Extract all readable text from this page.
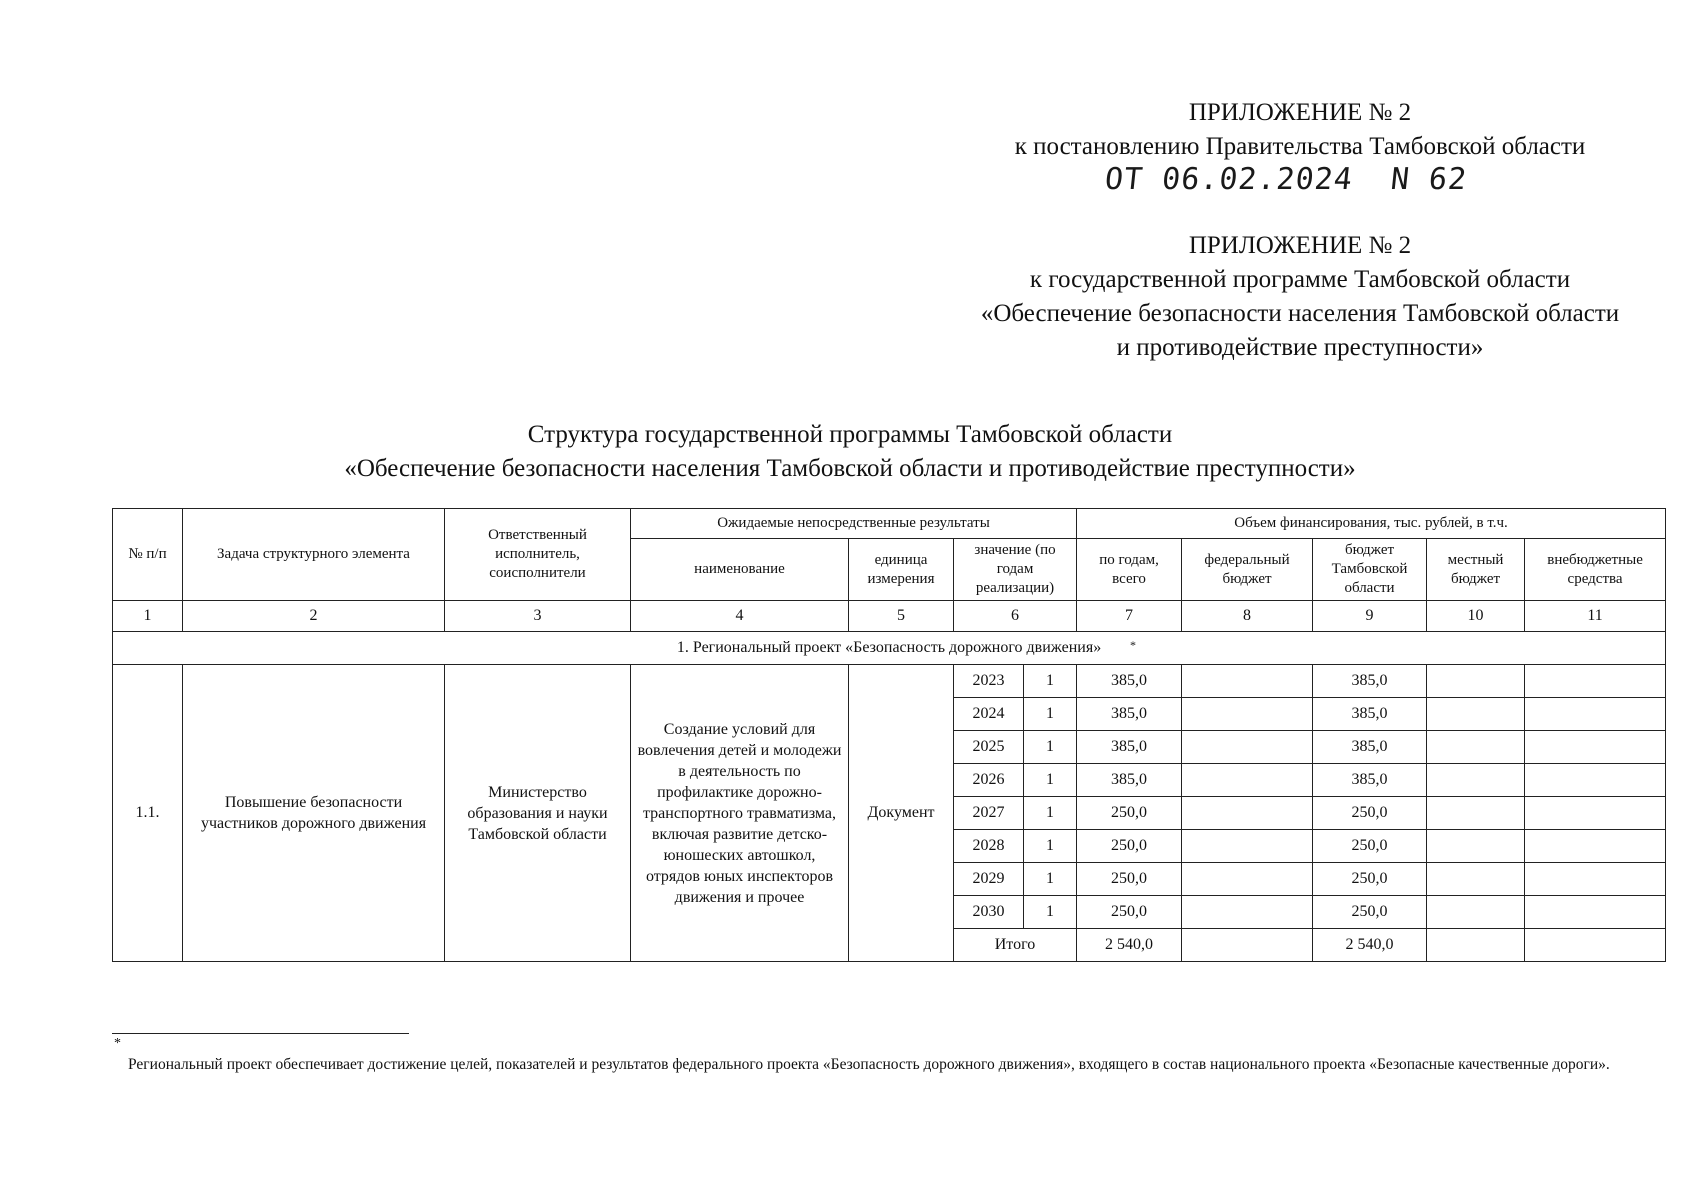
ПРИЛОЖЕНИЕ № 2
к постановлению Правительства Тамбовской области
ОТ 06.02.2024 N 62
ПРИЛОЖЕНИЕ № 2
к государственной программе Тамбовской области
«Обеспечение безопасности населения Тамбовской области
и противодействие преступности»
Структура государственной программы Тамбовской области
«Обеспечение безопасности населения Тамбовской области и противодействие преступности»
№ п/п	Задача структурного элемента	Ответственный исполнитель, соисполнители	Ожидаемые непосредственные результаты				Объем финансирования, тыс. рублей, в т.ч.				
			наименование	единица измерения	значение (по годам реализации)		по годам, всего	федеральный бюджет	бюджет Тамбовской области	местный бюджет	внебюджетные средства
1	2	3	4	5	6		7	8	9	10	11
1. Региональный проект «Безопасность дорожного движения»											
1.1.	Повышение безопасности участников дорожного движения	Министерство образования и науки Тамбовской области	Создание условий для вовлечения детей и молодежи в деятельность по профилактике дорожно-транспортного травматизма, включая развитие детско-юношеских автошкол, отрядов юных инспекторов движения и прочее	Документ	2023	1	385,0		385,0		
					2024	1	385,0		385,0		
					2025	1	385,0		385,0		
					2026	1	385,0		385,0		
					2027	1	250,0		250,0		
					2028	1	250,0		250,0		
					2029	1	250,0		250,0		
					2030	1	250,0		250,0		
					Итого		2 540,0		2 540,0		
*
*
Региональный проект обеспечивает достижение целей, показателей и результатов федерального проекта «Безопасность дорожного движения», входящего в состав национального проекта «Безопасные качественные дороги».
